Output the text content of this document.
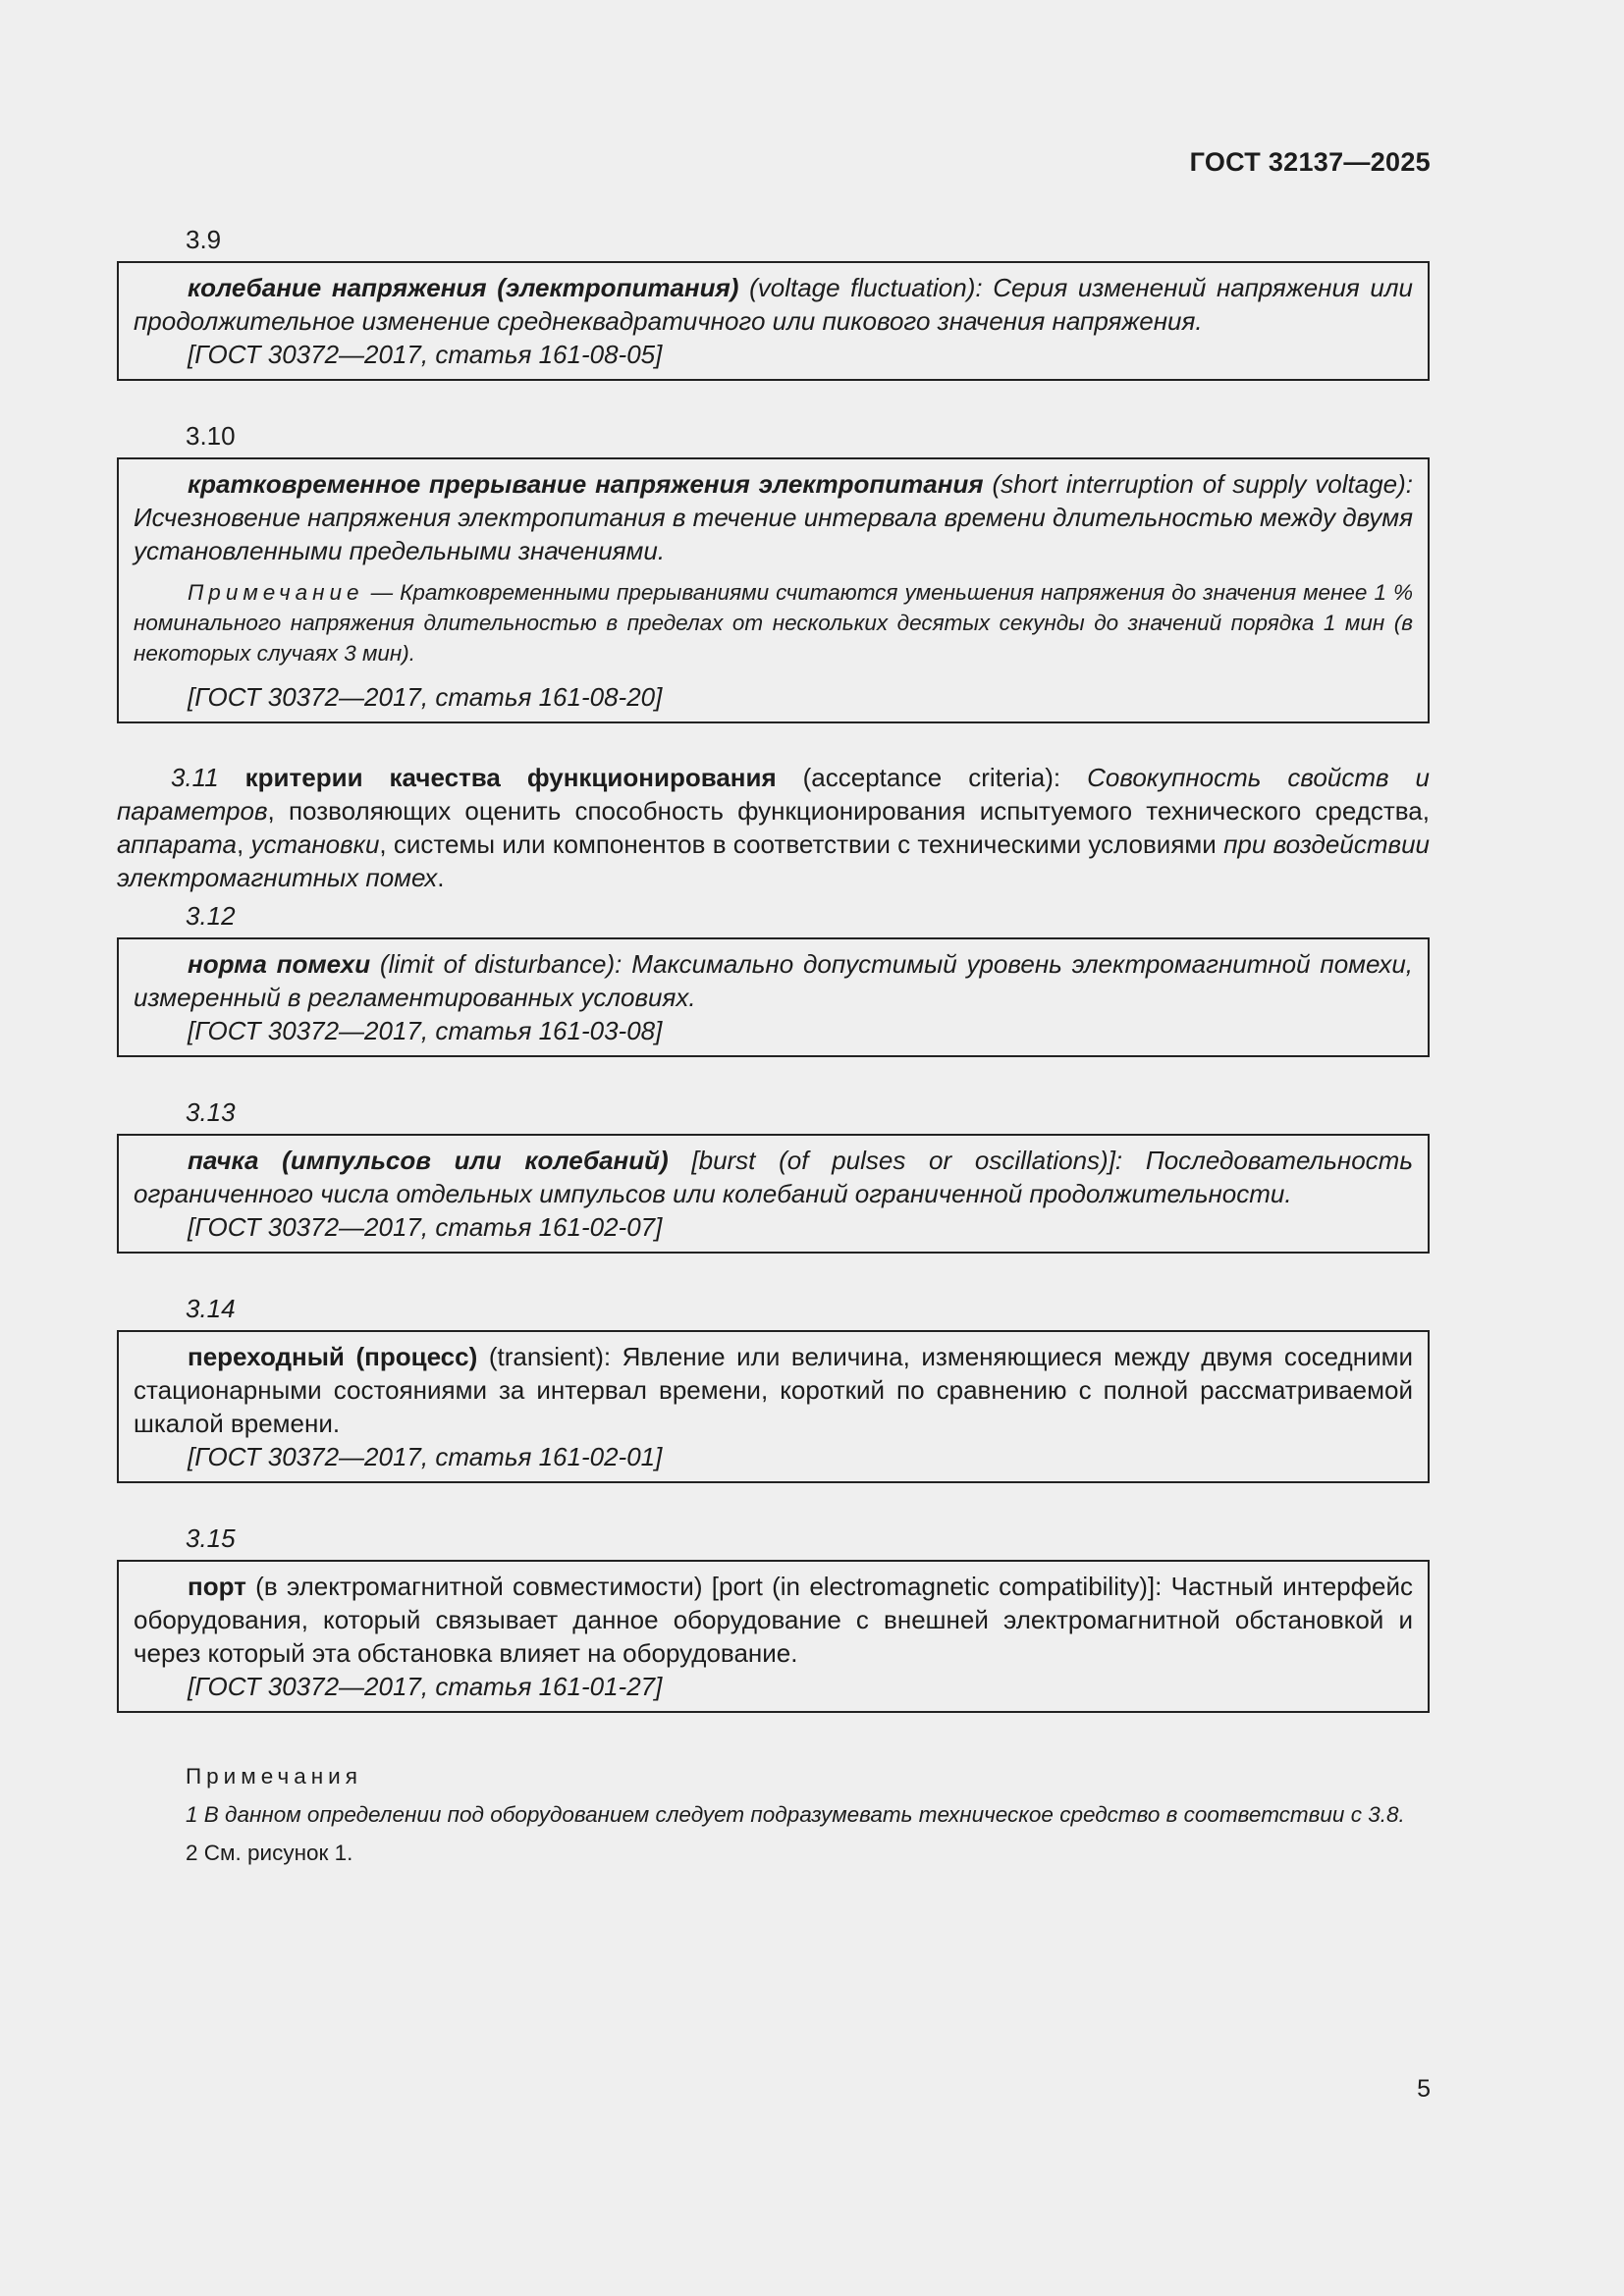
ГОСТ 32137—2025
3.9

колебание напряжения (электропитания) (voltage fluctuation): Серия изменений напряжения или продолжительное изменение среднеквадратичного или пикового значения напряжения.

[ГОСТ 30372—2017, статья 161-08-05]

3.10

кратковременное прерывание напряжения электропитания (short interruption of supply voltage): Исчезновение напряжения электропитания в течение интервала времени длительностью между двумя установленными предельными значениями.

Примечание — Кратковременными прерываниями считаются уменьшения напряжения до значения менее 1 % номинального напряжения длительностью в пределах от нескольких десятых секунды до значений порядка 1 мин (в некоторых случаях 3 мин).

[ГОСТ 30372—2017, статья 161-08-20]

3.11 критерии качества функционирования (acceptance criteria): Совокупность свойств и параметров, позволяющих оценить способность функционирования испытуемого технического средства, аппарата, установки, системы или компонентов в соответствии с техническими условиями при воздействии электромагнитных помех.

3.12

норма помехи (limit of disturbance): Максимально допустимый уровень электромагнитной помехи, измеренный в регламентированных условиях.

[ГОСТ 30372—2017, статья 161-03-08]

3.13

пачка (импульсов или колебаний) [burst (of pulses or oscillations)]: Последовательность ограниченного числа отдельных импульсов или колебаний ограниченной продолжительности.

[ГОСТ 30372—2017, статья 161-02-07]

3.14

переходный (процесс) (transient): Явление или величина, изменяющиеся между двумя соседними стационарными состояниями за интервал времени, короткий по сравнению с полной рассматриваемой шкалой времени.

[ГОСТ 30372—2017, статья 161-02-01]

3.15

порт (в электромагнитной совместимости) [port (in electromagnetic compatibility)]: Частный интерфейс оборудования, который связывает данное оборудование с внешней электромагнитной обстановкой и через который эта обстановка влияет на оборудование.

[ГОСТ 30372—2017, статья 161-01-27]

Примечания

1 В данном определении под оборудованием следует подразумевать техническое средство в соответствии с 3.8.

2 См. рисунок 1.

5
